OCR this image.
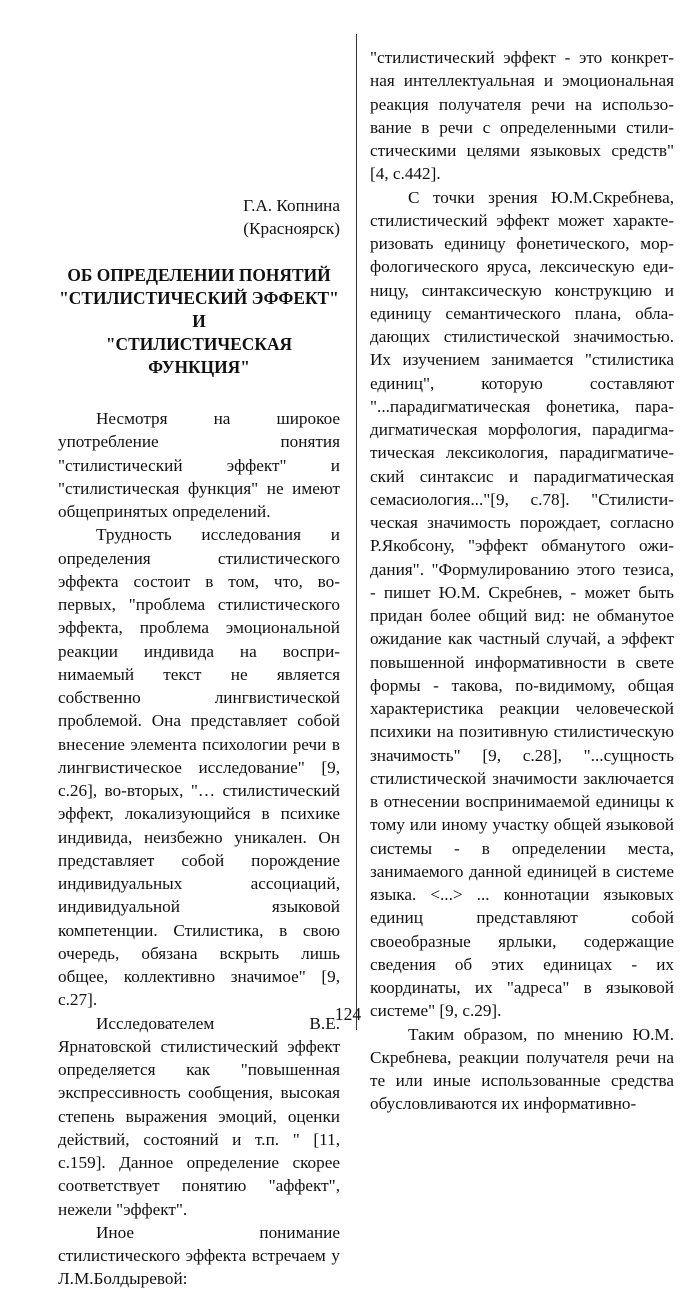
Г.А. Копнина
(Красноярск)
ОБ ОПРЕДЕЛЕНИИ ПОНЯТИЙ
"СТИЛИСТИЧЕСКИЙ ЭФФЕКТ" И
"СТИЛИСТИЧЕСКАЯ ФУНКЦИЯ"

Несмотря на широкое употребление понятия "стилистический эффект" и "стилистическая функция" не имеют общепринятых определений.

Трудность исследования и определения стилистического эффекта состоит в том, что, во-первых, "проблема стилистического эффекта, проблема эмоциональной реакции индивида на воспринимаемый текст не является собственно лингвистической проблемой. Она представляет собой внесение элемента психологии речи в лингвистическое исследование" [9, с.26], во-вторых, "… стилистический эффект, локализующийся в психике индивида, неизбежно уникален. Он представляет собой порождение индивидуальных ассоциаций, индивидуальной языковой компетенции. Стилистика, в свою очередь, обязана вскрыть лишь общее, коллективно значимое" [9, с.27].

Исследователем В.Е. Ярнатовской стилистический эффект определяется как "повышенная экспрессивность сообщения, высокая степень выражения эмоций, оценки действий, состояний и т.п. " [11, с.159]. Данное определение скорее соответствует понятию "аффект", нежели "эффект".

Иное понимание стилистического эффекта встречаем у Л.М.Болдыревой:

"стилистический эффект - это конкретная интеллектуальная и эмоциональная реакция получателя речи на использование в речи с определенными стилистическими целями языковых средств" [4, с.442].

С точки зрения Ю.М.Скребнева, стилистический эффект может характеризовать единицу фонетического, морфологического яруса, лексическую единицу, синтаксическую конструкцию и единицу семантического плана, обладающих стилистической значимостью. Их изучением занимается "стилистика единиц", которую составляют "...парадигматическая фонетика, парадигматическая морфология, парадигматическая лексикология, парадигматический синтаксис и парадигматическая семасиология..."[9, с.78]. "Стилистическая значимость порождает, согласно Р.Якобсону, "эффект обманутого ожидания". "Формулированию этого тезиса, - пишет Ю.М. Скребнев, - может быть придан более общий вид: не обманутое ожидание как частный случай, а эффект повышенной информативности в свете формы - такова, по-видимому, общая характеристика реакции человеческой психики на позитивную стилистическую значимость" [9, с.28], "...сущность стилистической значимости заключается в отнесении воспринимаемой единицы к тому или иному участку общей языковой системы - в определении места, занимаемого данной единицей в системе языка. <...> ... коннотации языковых единиц представляют собой своеобразные ярлыки, содержащие сведения об этих единицах - их координаты, их "адреса" в языковой системе" [9, с.29].

Таким образом, по мнению Ю.М. Скребнева, реакции получателя речи на те или иные использованные средства обусловливаются их информативно-

124
